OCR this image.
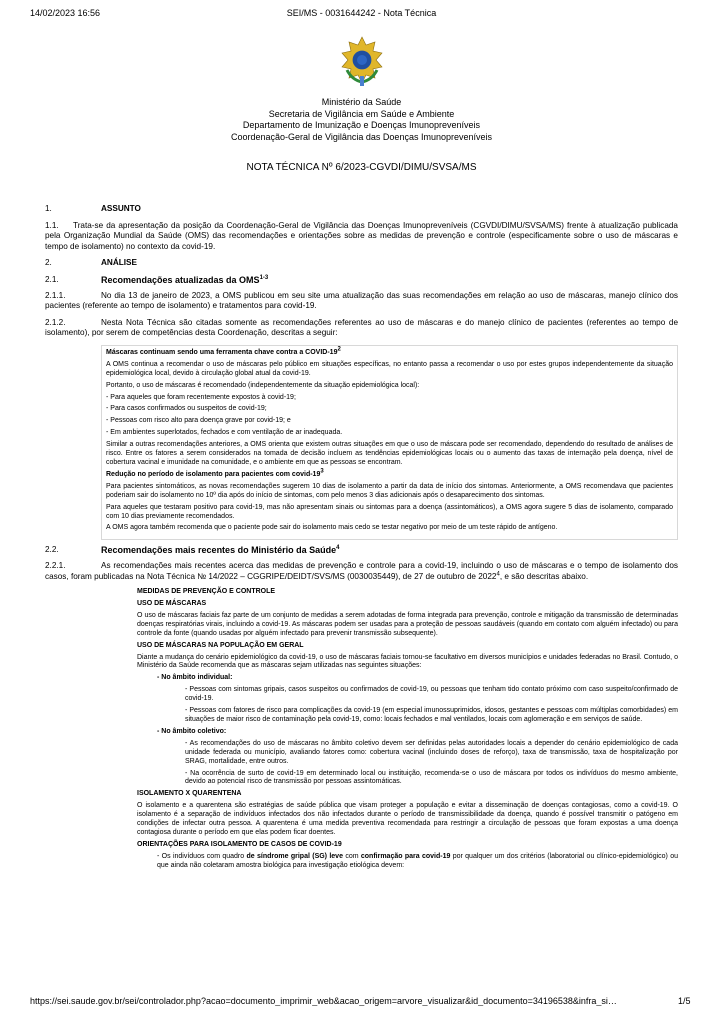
14/02/2023 16:56	SEI/MS - 0031644242 - Nota Técnica
Ministério da Saúde
Secretaria de Vigilância em Saúde e Ambiente
Departamento de Imunização e Doenças Imunopreveníveis
Coordenação-Geral de Vigilância das Doenças Imunopreveníveis
NOTA TÉCNICA Nº 6/2023-CGVDI/DIMU/SVSA/MS
1.	ASSUNTO

1.1. Trata-se da apresentação da posição da Coordenação-Geral de Vigilância das Doenças Imunopreveníveis (CGVDI/DIMU/SVSA/MS) frente à atualização publicada pela Organização Mundial da Saúde (OMS) das recomendações e orientações sobre as medidas de prevenção e controle (especificamente sobre o uso de máscaras e tempo de isolamento) no contexto da covid-19.

2.	ANÁLISE
2.1.	Recomendações atualizadas da OMS$^{1-3}$

2.1.1.	No dia 13 de janeiro de 2023, a OMS publicou em seu site uma atualização das suas recomendações em relação ao uso de máscaras, manejo clínico dos pacientes (referente ao tempo de isolamento) e tratamentos para covid-19.

2.1.2.	Nesta Nota Técnica são citadas somente as recomendações referentes ao uso de máscaras e do manejo clínico de pacientes (referentes ao tempo de isolamento), por serem de competências desta Coordenação, descritas a seguir:

Máscaras continuam sendo uma ferramenta chave contra a COVID-$19^2$

A OMS continua a recomendar o uso de máscaras pelo público em situações específicas, no entanto passa a recomendar o uso por estes grupos independentemente da situação epidemiológica local, devido à circulação global atual da covid-19.

Portanto, o uso de máscaras é recomendado (independentemente da situação epidemiológica local):

- Para aqueles que foram recentemente expostos à covid-19;

- Para casos confirmados ou suspeitos de covid-19;

- Pessoas com risco alto para doença grave por covid-19; e

- Em ambientes superlotados, fechados e com ventilação de ar inadequada.

Similar a outras recomendações anteriores, a OMS orienta que existem outras situações em que o uso de máscara pode ser recomendado, dependendo do resultado de análises de risco. Entre os fatores a serem considerados na tomada de decisão incluem as tendências epidemiológicas locais ou o aumento das taxas de internação pela doença, nível de cobertura vacinal e imunidade na comunidade, e o ambiente em que as pessoas se encontram.

Redução no período de isolamento para pacientes com covid-$19^3$

Para pacientes sintomáticos, as novas recomendações sugerem 10 dias de isolamento a partir da data de início dos sintomas. Anteriormente, a OMS recomendava que pacientes poderiam sair do isolamento no 10º dia após do início de sintomas, com pelo menos 3 dias adicionais após o desaparecimento dos sintomas.

Para aqueles que testaram positivo para covid-19, mas não apresentam sinais ou sintomas para a doença (assintomáticos), a OMS agora sugere 5 dias de isolamento, comparado com 10 dias previamente recomendados.

A OMS agora também recomenda que o paciente pode sair do isolamento mais cedo se testar negativo por meio de um teste rápido de antígeno.

2.2.	Recomendações mais recentes do Ministério da Saúde$^4$

2.2.1.	As recomendações mais recentes acerca das medidas de prevenção e controle para a covid-19, incluindo o uso de máscaras e o tempo de isolamento dos casos, foram publicadas na Nota Técnica № 14/2022 – CGGRIPE/DEIDT/SVS/MS (0030035449), de 27 de outubro de 2022$^4$, e são descritas abaixo.

MEDIDAS DE PREVENÇÃO E CONTROLE

USO DE MÁSCARAS

O uso de máscaras faciais faz parte de um conjunto de medidas a serem adotadas de forma integrada para prevenção, controle e mitigação da transmissão de determinadas doenças respiratórias virais, incluindo a covid-19. As máscaras podem ser usadas para a proteção de pessoas saudáveis (quando em contato com alguém infectado) ou para controle da fonte (quando usadas por alguém infectado para prevenir transmissão subsequente).

USO DE MÁSCARAS NA POPULAÇÃO EM GERAL

Diante a mudança do cenário epidemiológico da covid-19, o uso de máscaras faciais tornou-se facultativo em diversos municípios e unidades federadas no Brasil. Contudo, o Ministério da Saúde recomenda que as máscaras sejam utilizadas nas seguintes situações:

- No âmbito individual:

- Pessoas com sintomas gripais, casos suspeitos ou confirmados de covid-19, ou pessoas que tenham tido contato próximo com caso suspeito/confirmado de covid-19.

- Pessoas com fatores de risco para complicações da covid-19 (em especial imunossuprimidos, idosos, gestantes e pessoas com múltiplas comorbidades) em situações de maior risco de contaminação pela covid-19, como: locais fechados e mal ventilados, locais com aglomeração e em serviços de saúde.

- No âmbito coletivo:

- As recomendações do uso de máscaras no âmbito coletivo devem ser definidas pelas autoridades locais a depender do cenário epidemiológico de cada unidade federada ou município, avaliando fatores como: cobertura vacinal (incluindo doses de reforço), taxa de transmissão, taxa de hospitalização por SRAG, mortalidade, entre outros.

- Na ocorrência de surto de covid-19 em determinado local ou instituição, recomenda-se o uso de máscara por todos os indivíduos do mesmo ambiente, devido ao potencial risco de transmissão por pessoas assintomáticas.

ISOLAMENTO X QUARENTENA

O isolamento e a quarentena são estratégias de saúde pública que visam proteger a população e evitar a disseminação de doenças contagiosas, como a covid-19. O isolamento é a separação de indivíduos infectados dos não infectados durante o período de transmissibilidade da doença, quando é possível transmitir o patógeno em condições de infectar outra pessoa. A quarentena é uma medida preventiva recomendada para restringir a circulação de pessoas que foram expostas a uma doença contagiosa durante o período em que elas podem ficar doentes.

ORIENTAÇÕES PARA ISOLAMENTO DE CASOS DE COVID-19

- Os indivíduos com quadro de síndrome gripal (SG) leve com confirmação para covid-19 por qualquer um dos critérios (laboratorial ou clínico-epidemiológico) ou que ainda não coletaram amostra biológica para investigação etiológica devem:

https://sei.saude.gov.br/sei/controlador.php?acao=documento_imprimir_web&acao_origem=arvore_visualizar&id_documento=34196538&infra_si…	1/5
